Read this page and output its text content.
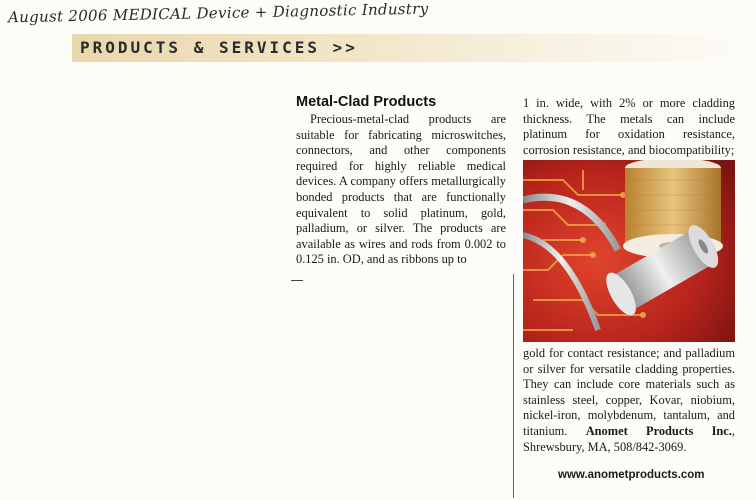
August 2006 MEDICAL Device + Diagnostic Industry
PRODUCTS & SERVICES >>
Metal-Clad Products

Precious-metal-clad products are suitable for fabricating microswitches, connectors, and other components required for highly reliable medical devices. A company offers metallurgically bonded products that are functionally equivalent to solid platinum, gold, palladium, or silver. The products are available as wires and rods from 0.002 to 0.125 in. OD, and as ribbons up to

1 in. wide, with 2% or more cladding thickness. The metals can include platinum for oxidation resistance, corrosion resistance, and biocompatibility;

gold for contact resistance; and palladium or silver for versatile cladding properties. They can include core materials such as stainless steel, copper, Kovar, niobium, nickel-iron, molybdenum, tantalum, and titanium. Anomet Products Inc., Shrewsbury, MA, 508/842-3069.

www.anometproducts.com
